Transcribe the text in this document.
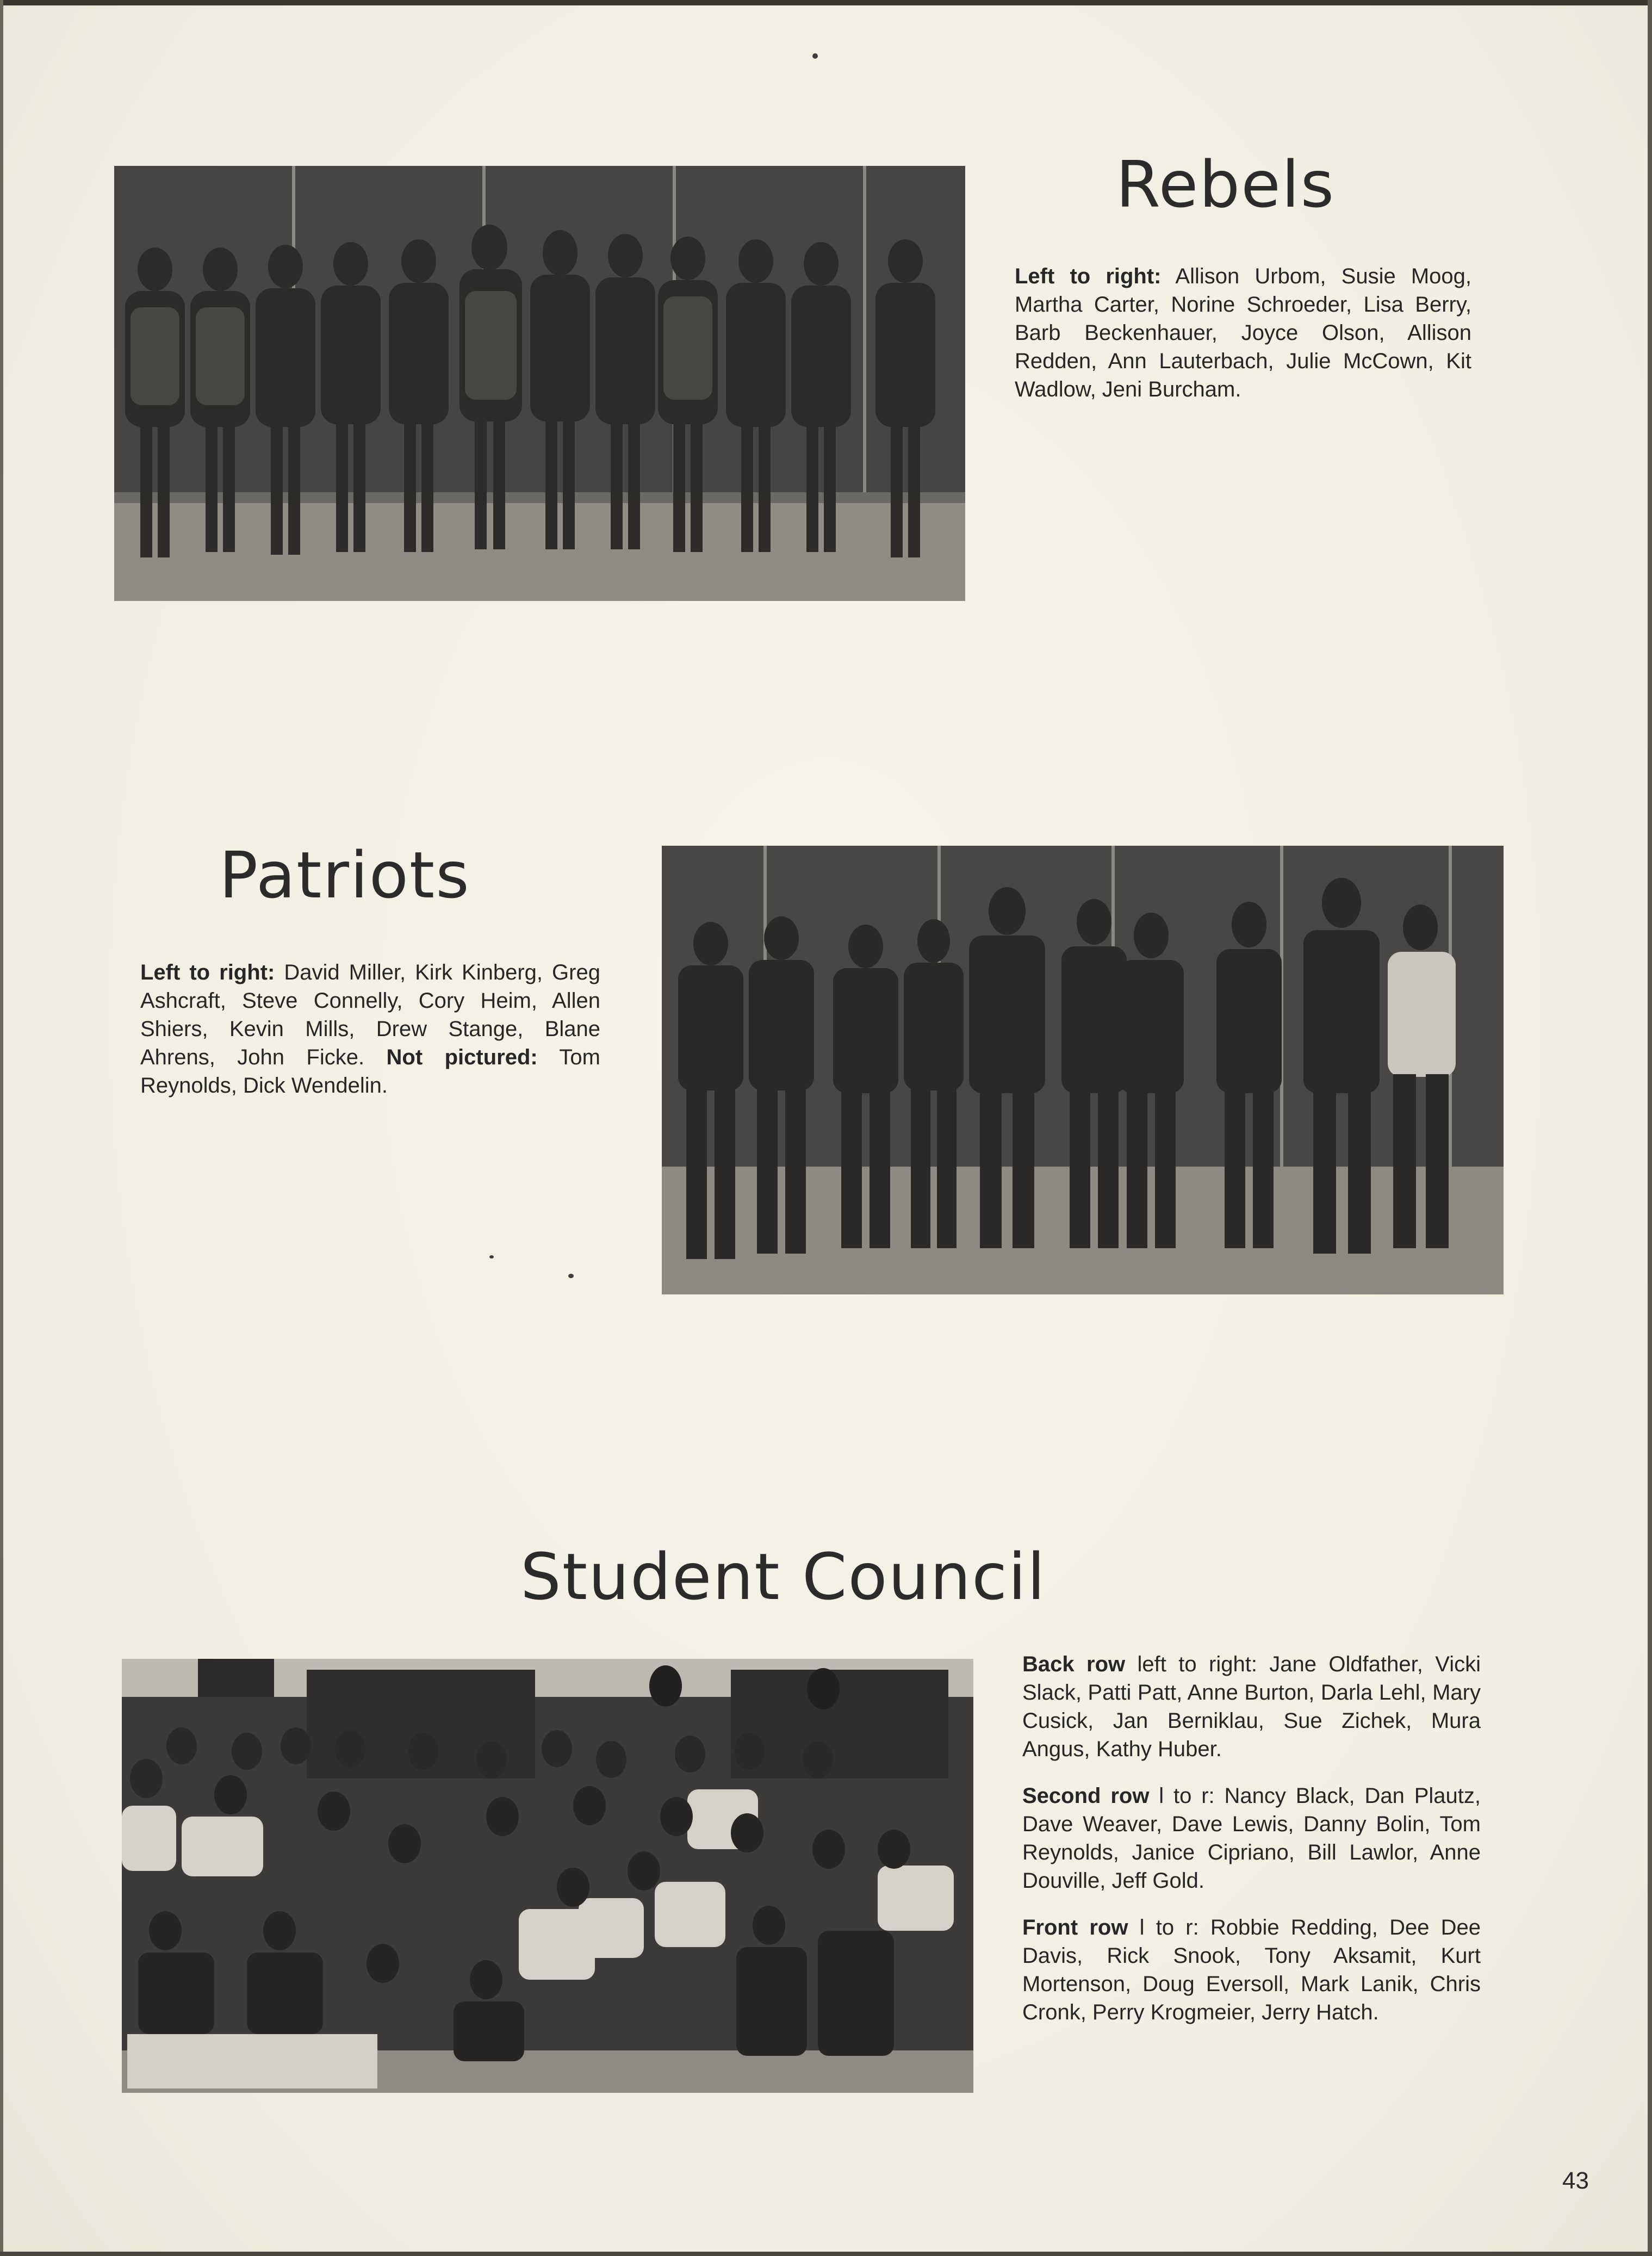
Rebels

Left to right: Allison Urbom, Susie Moog, Martha Carter, Norine Schroeder, Lisa Berry, Barb Beckenhauer, Joyce Olson, Allison Redden, Ann Lauterbach, Julie McCown, Kit Wadlow, Jeni Burcham.

Patriots

Left to right: David Miller, Kirk Kinberg, Greg Ashcraft, Steve Connelly, Cory Heim, Allen Shiers, Kevin Mills, Drew Stange, Blane Ahrens, John Ficke. Not pictured: Tom Reynolds, Dick Wendelin.

Student Council

Back row left to right: Jane Oldfather, Vicki Slack, Patti Patt, Anne Burton, Darla Lehl, Mary Cusick, Jan Berniklau, Sue Zichek, Mura Angus, Kathy Huber.

Second row l to r: Nancy Black, Dan Plautz, Dave Weaver, Dave Lewis, Danny Bolin, Tom Reynolds, Janice Cipriano, Bill Lawlor, Anne Douville, Jeff Gold.

Front row l to r: Robbie Redding, Dee Dee Davis, Rick Snook, Tony Aksamit, Kurt Mortenson, Doug Eversoll, Mark Lanik, Chris Cronk, Perry Krogmeier, Jerry Hatch.

43
